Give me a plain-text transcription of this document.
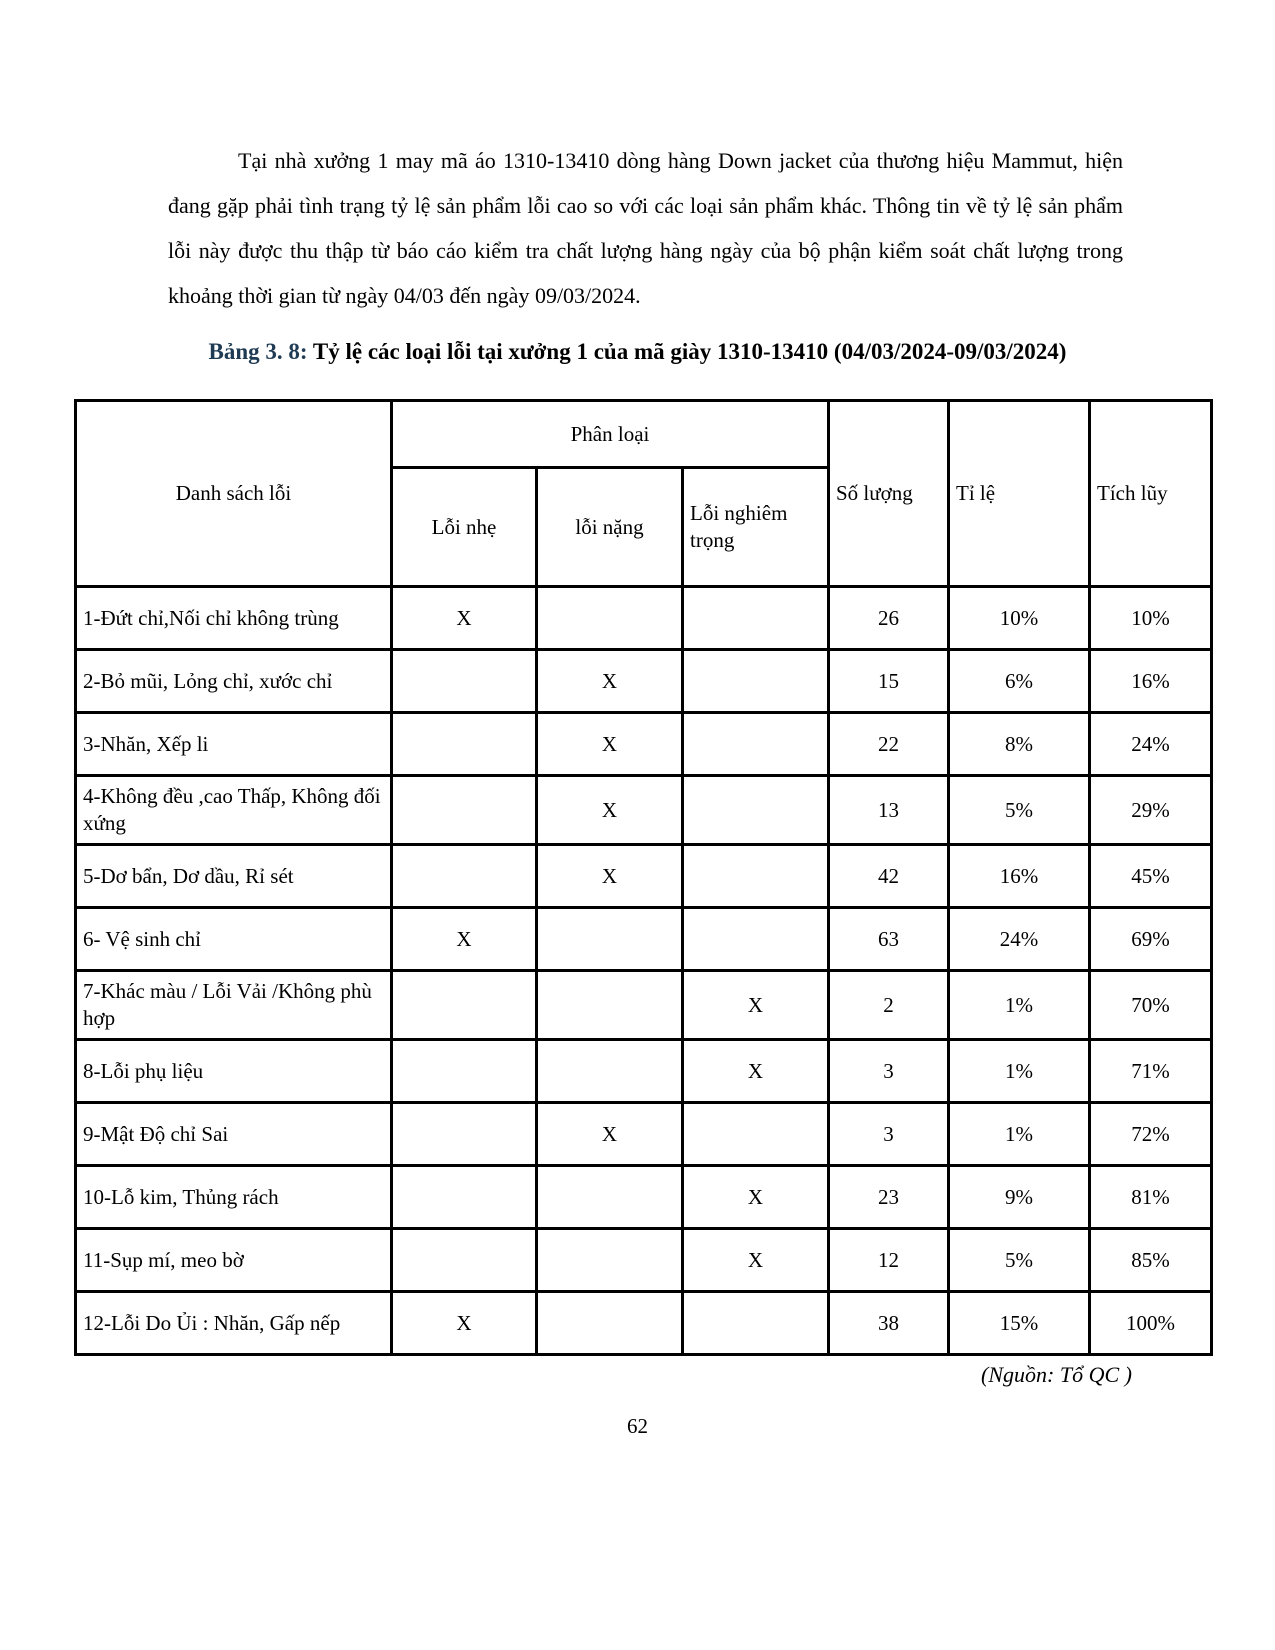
Tại nhà xưởng 1 may mã áo 1310-13410 dòng hàng Down jacket của thương hiệu Mammut, hiện đang gặp phải tình trạng tỷ lệ sản phẩm lỗi cao so với các loại sản phẩm khác. Thông tin về tỷ lệ sản phẩm lỗi này được thu thập từ báo cáo kiểm tra chất lượng hàng ngày của bộ phận kiểm soát chất lượng trong khoảng thời gian từ ngày 04/03 đến ngày 09/03/2024.

Bảng 3. 8: Tỷ lệ các loại lỗi tại xưởng 1 của mã giày 1310-13410 (04/03/2024-09/03/2024)

Danh sách lỗi	Phân loại			Số lượng	Tỉ lệ	Tích lũy
	Lỗi nhẹ	lỗi nặng	Lỗi nghiêm trọng			
1-Đứt chỉ,Nối chỉ không trùng	X			26	10%	10%
2-Bỏ mũi, Lỏng chỉ, xước chỉ		X		15	6%	16%
3-Nhăn, Xếp li		X		22	8%	24%
4-Không đều ,cao Thấp, Không đối xứng		X		13	5%	29%
5-Dơ bẩn, Dơ dầu, Rỉ sét		X		42	16%	45%
6- Vệ sinh chỉ	X			63	24%	69%
7-Khác màu / Lỗi Vải /Không phù hợp			X	2	1%	70%
8-Lỗi phụ liệu			X	3	1%	71%
9-Mật Độ chỉ Sai		X		3	1%	72%
10-Lỗ kim, Thủng rách			X	23	9%	81%
11-Sụp mí, meo bờ			X	12	5%	85%
12-Lỗi Do Ủi : Nhăn, Gấp nếp	X			38	15%	100%

(Nguồn: Tổ QC )

62
